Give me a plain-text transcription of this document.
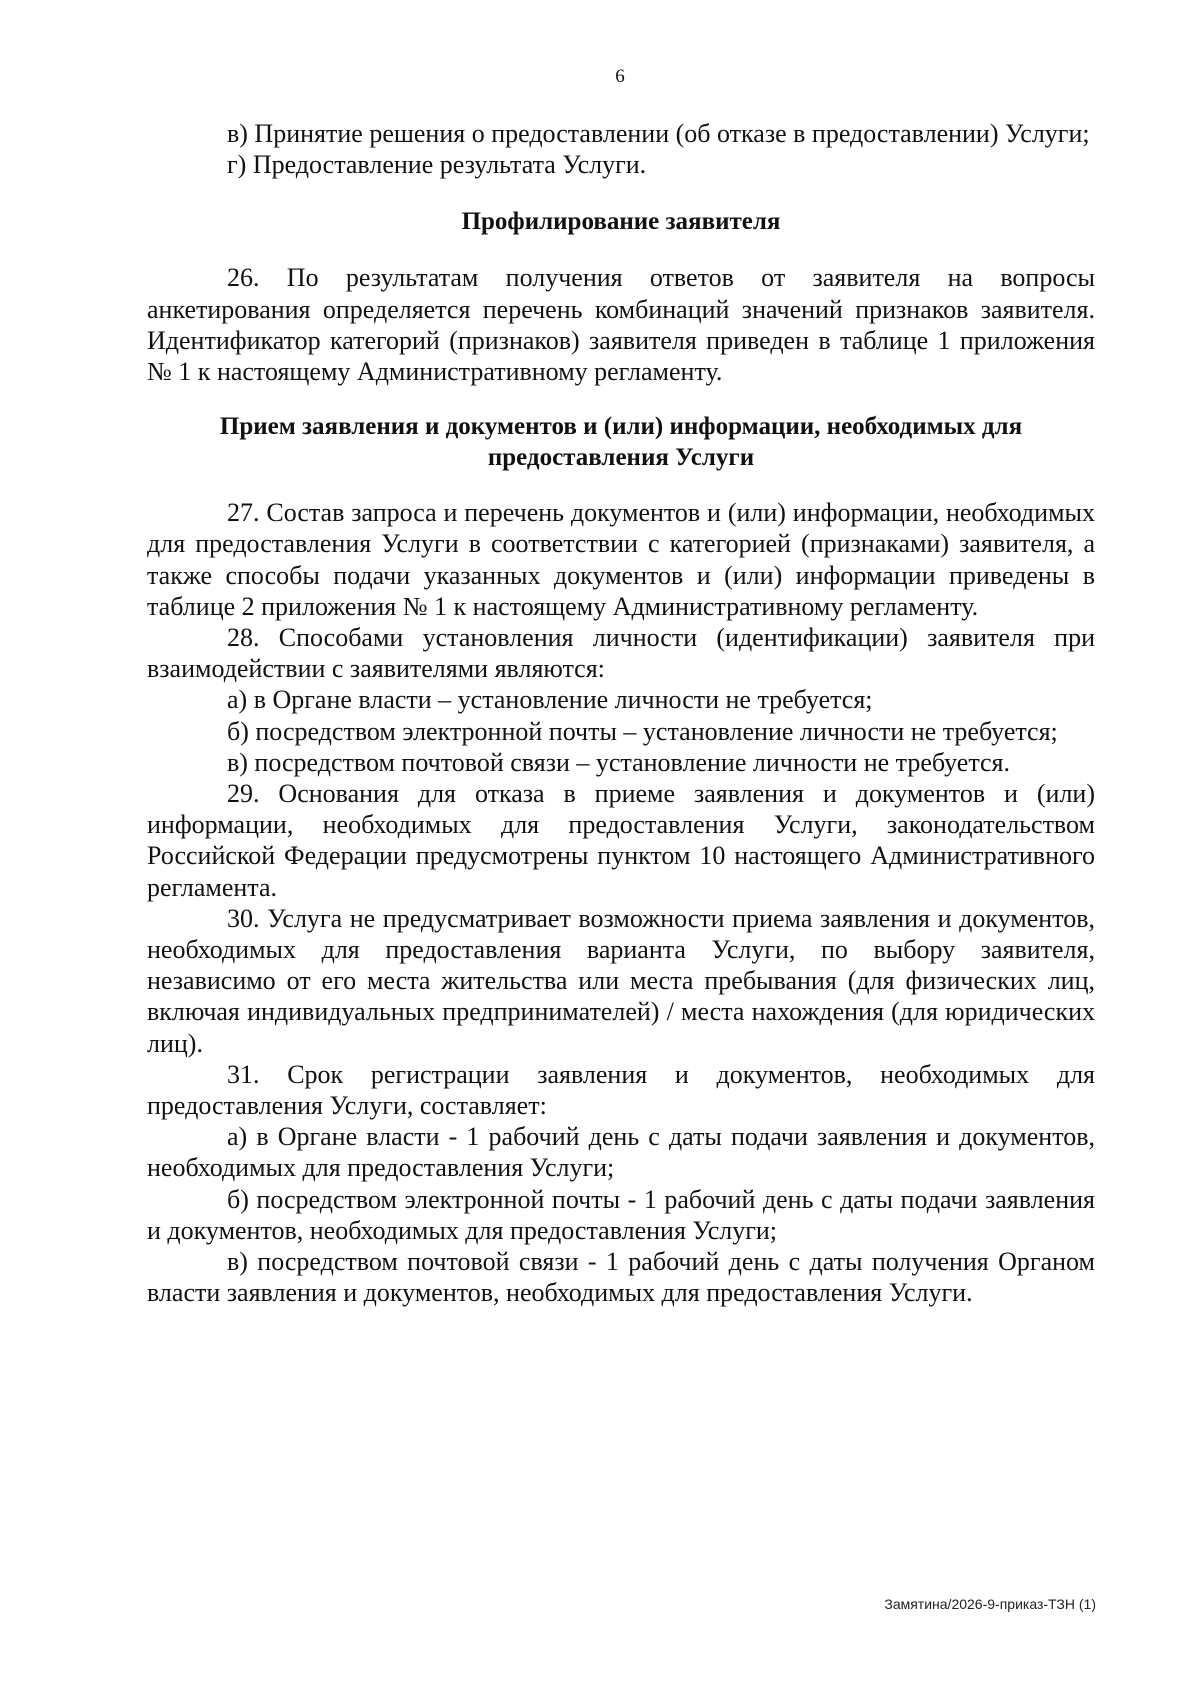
6

в) Принятие решения о предоставлении (об отказе в предоставлении) Услуги;

г) Предоставление результата Услуги.

Профилирование заявителя

26. По результатам получения ответов от заявителя на вопросы анкетирования определяется перечень комбинаций значений признаков заявителя. Идентификатор категорий (признаков) заявителя приведен в таблице 1 приложения № 1 к настоящему Административному регламенту.

Прием заявления и документов и (или) информации, необходимых для предоставления Услуги

27. Состав запроса и перечень документов и (или) информации, необходимых для предоставления Услуги в соответствии с категорией (признаками) заявителя, а также способы подачи указанных документов и (или) информации приведены в таблице 2 приложения № 1 к настоящему Административному регламенту.

28. Способами установления личности (идентификации) заявителя при взаимодействии с заявителями являются:

а) в Органе власти – установление личности не требуется;

б) посредством электронной почты – установление личности не требуется;

в) посредством почтовой связи – установление личности не требуется.

29. Основания для отказа в приеме заявления и документов и (или) информации, необходимых для предоставления Услуги, законодательством Российской Федерации предусмотрены пунктом 10 настоящего Административного регламента.

30. Услуга не предусматривает возможности приема заявления и документов, необходимых для предоставления варианта Услуги, по выбору заявителя, независимо от его места жительства или места пребывания (для физических лиц, включая индивидуальных предпринимателей) / места нахождения (для юридических лиц).

31. Срок регистрации заявления и документов, необходимых для предоставления Услуги, составляет:

а) в Органе власти - 1 рабочий день с даты подачи заявления и документов, необходимых для предоставления Услуги;

б) посредством электронной почты - 1 рабочий день с даты подачи заявления и документов, необходимых для предоставления Услуги;

в) посредством почтовой связи - 1 рабочий день с даты получения Органом власти заявления и документов, необходимых для предоставления Услуги.

Замятина/2026-9-приказ-ТЗН (1)
